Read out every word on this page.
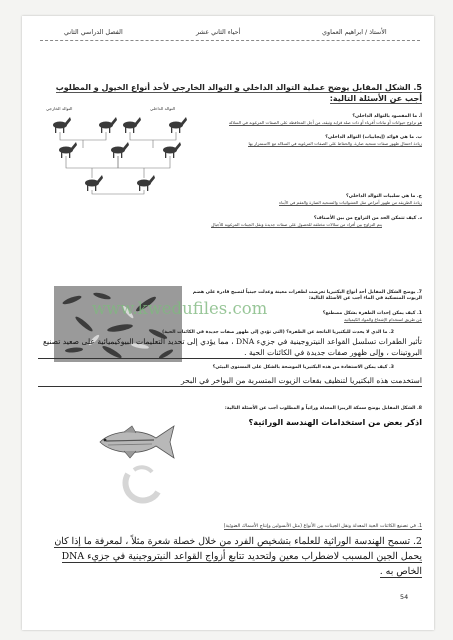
الأستاذ / ابراهيم العماوي
أحياء الثاني عشر
الفصل الدراسي الثاني
5. الشكل المقابل يوضح عملية التوالد الداخلي و التوالد الخارجي لأحد أنواع الخيول و المطلوب أجب عن الأسئلة التالية:
التوالد الخارجي	التوالد الداخلي
أ. ما المقصود بالتوالد الداخلي؟
هو تزاوج حيوانات أو نباتات أقرباء أو ذات صلة قرابة وثيقة، من أجل المحافظة على الصفات المرغوبة في السلالة
ب. ما هي فوائد (إيجابيات) التوالد الداخلي؟
زيادة احتمال ظهور صفات متنحية ضارة، والحفاظ على الصفات المرغوبة في السلالة مع الاستمرار بها
ج. ما هي سلبيات التوالد الداخلي؟
زيادة الطريقة من ظهور أمراض مثل العشوائيات والمتنحية الضارة والعقم في الأبناء
د. كيف تتمكن الحد من التزاوج من بين الأصناف؟
يتم التزاوج بين أفراد من سلالات مختلفة للحصول على صفات جديدة ونقل الجينات المرغوبة للأجيال
7. يوضح الشكل المقابل أحد أنواع البكتيريا تعرضت لطفرات معينة وعدلت جينياً لتصبح قادرة على هضم الزيوت المنسكبة في الماء أجب عن الأسئلة التالية:
1. كيف يمكن إحداث الطفرة بشكل مصطنع؟
عن طريق استخدام الإشعاع والمواد الكيميائية
www.kwedufiles.com
2. ما الذي لا يحدث للبكتيريا الناتجة عن الطفرة؟ (التي تؤدي إلى ظهور صفات جديدة في الكائنات الحية)
تأثير الطفرات تسلسل القواعد النيتروجينية في جزيء DNA ، مما يؤدي إلى تحديد التعليمات البيوكيميائية على صعيد تصنيع البروتينات ، وإلى ظهور صفات جديدة في الكائنات الحية .
3. كيف يمكن الاستفادة من هذه البكتيريا الموضحة بالشكل على المستوى البيئي؟
استخدمت هذه البكتيريا لتنظيف بقعات الزيوت المتسربة من البواخر في البحر
8. الشكل المقابل يوضح سمكة الزيبرا المعدلة وراثياً و المطلوب أجب عن الأسئلة التالية:
اذكر بعض من استخدامات الهندسة الوراثية؟
1. في تصنيع الكائنات الحية المعدلة ونقل الجينات بين الأنواع (مثل الأنسولين وإنتاج الأسماك الضوئية)
2. تسمح الهندسة الوراثية للعلماء بتشخيص الفرد من خلال خصلة شعرة مثلاً ، لمعرفة ما إذا كان يحمل الجين المسبب لاضطراب معين ولتحديد تتابع أزواج القواعد النيتروجينية في جزيء DNA الخاص به .
54
